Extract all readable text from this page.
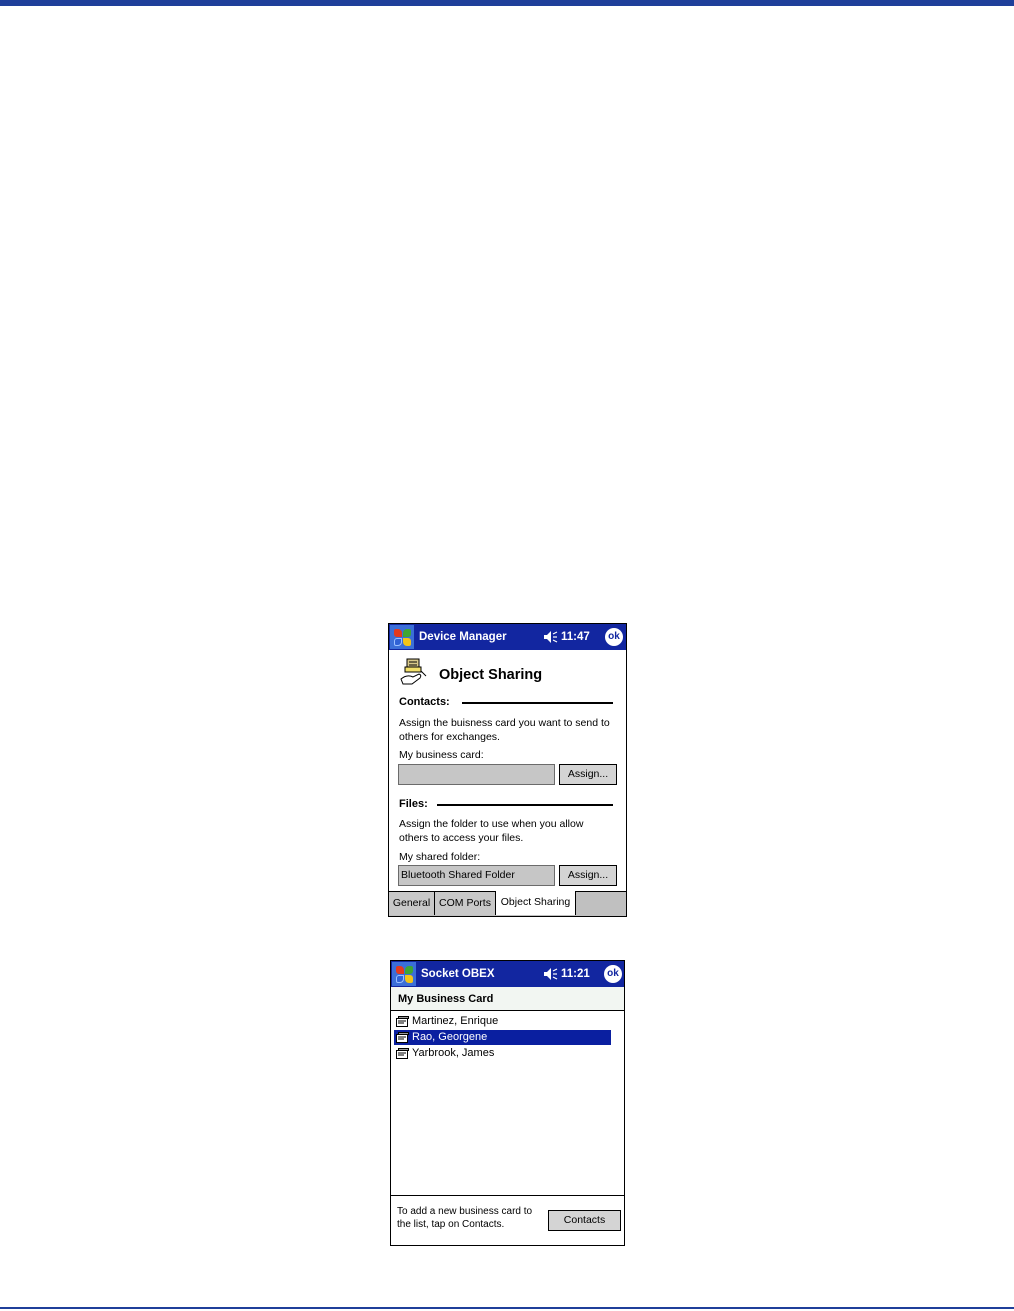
Device Manager	11:47	ok
Object Sharing
Contacts:
Assign the buisness card you want to send to others for exchanges.
My business card:
Assign...
Files:
Assign the folder to use when you allow others to access your files.
My shared folder:
Bluetooth Shared Folder	Assign...
General COM Ports Object Sharing
Socket OBEX	11:21	ok
My Business Card
Martinez, Enrique
Rao, Georgene
Yarbrook, James
To add a new business card to the list, tap on Contacts.	Contacts
